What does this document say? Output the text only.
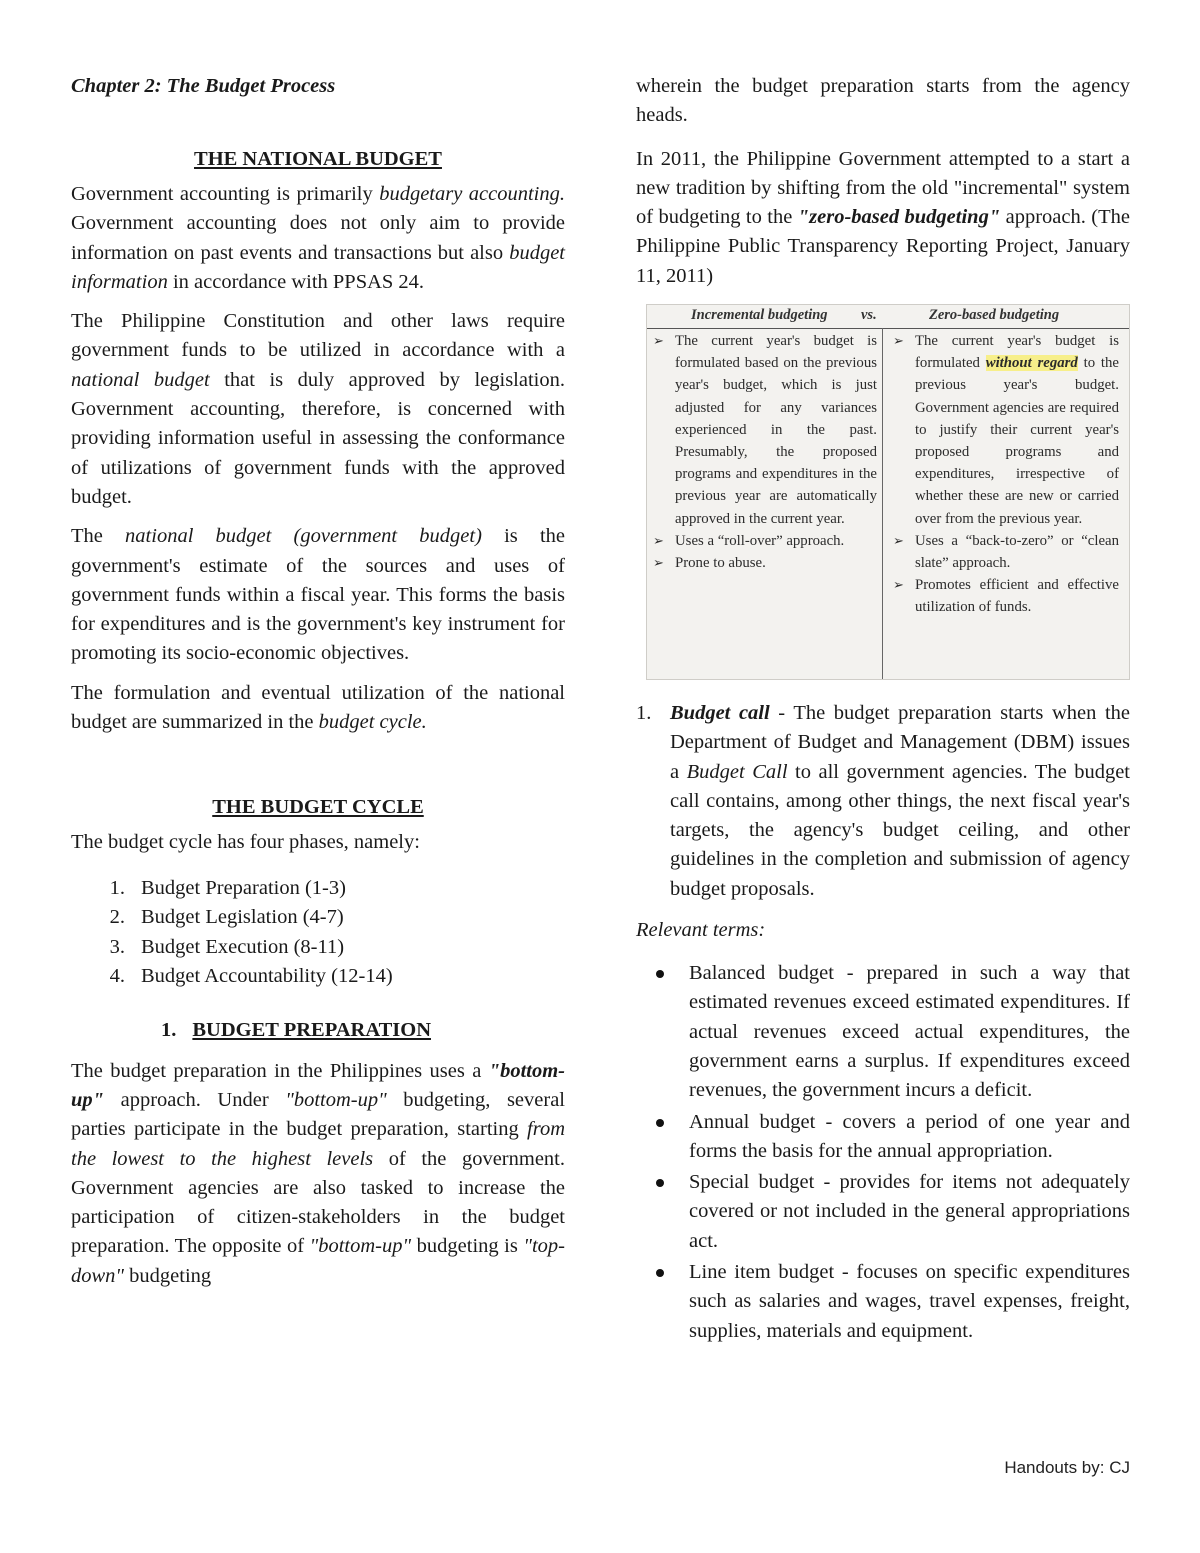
Chapter 2: The Budget Process

THE NATIONAL BUDGET

Government accounting is primarily budgetary accounting. Government accounting does not only aim to provide information on past events and transactions but also budget information in accordance with PPSAS 24.

The Philippine Constitution and other laws require government funds to be utilized in accordance with a national budget that is duly approved by legislation. Government accounting, therefore, is concerned with providing information useful in assessing the conformance of utilizations of government funds with the approved budget.

The national budget (government budget) is the government's estimate of the sources and uses of government funds within a fiscal year. This forms the basis for expenditures and is the government's key instrument for promoting its socio-economic objectives.

The formulation and eventual utilization of the national budget are summarized in the budget cycle.

THE BUDGET CYCLE

The budget cycle has four phases, namely:

1. Budget Preparation (1-3)
2. Budget Legislation (4-7)
3. Budget Execution (8-11)
4. Budget Accountability (12-14)

1. BUDGET PREPARATION

The budget preparation in the Philippines uses a "bottom-up" approach. Under "bottom-up" budgeting, several parties participate in the budget preparation, starting from the lowest to the highest levels of the government. Government agencies are also tasked to increase the participation of citizen-stakeholders in the budget preparation. The opposite of "bottom-up" budgeting is "top-down" budgeting

wherein the budget preparation starts from the agency heads.

In 2011, the Philippine Government attempted to a start a new tradition by shifting from the old "incremental" system of budgeting to the "zero-based budgeting" approach. (The Philippine Public Transparency Reporting Project, January 11, 2011)

Incremental budgeting vs.	Zero-based budgeting

➢ The current year's budget is formulated based on the previous year's budget, which is just adjusted for any variances experienced in the past. Presumably, the proposed programs and expenditures in the previous year are automatically approved in the current year.

➢ Uses a “roll-over” approach.

➢ Prone to abuse.

➢ The current year's budget is formulated without regard to the previous year's budget. Government agencies are required to justify their current year's proposed programs and expenditures, irrespective of whether these are new or carried over from the previous year.

➢ Uses a “back-to-zero” or “clean slate” approach.

➢ Promotes efficient and effective utilization of funds.

1. Budget call - The budget preparation starts when the Department of Budget and Management (DBM) issues a Budget Call to all government agencies. The budget call contains, among other things, the next fiscal year's targets, the agency's budget ceiling, and other guidelines in the completion and submission of agency budget proposals.

Relevant terms:

Balanced budget - prepared in such a way that estimated revenues exceed estimated expenditures. If actual revenues exceed actual expenditures, the government earns a surplus. If expenditures exceed revenues, the government incurs a deficit.
Annual budget - covers a period of one year and forms the basis for the annual appropriation.
Special budget - provides for items not adequately covered or not included in the general appropriations act.
Line item budget - focuses on specific expenditures such as salaries and wages, travel expenses, freight, supplies, materials and equipment.
Handouts by: CJ
